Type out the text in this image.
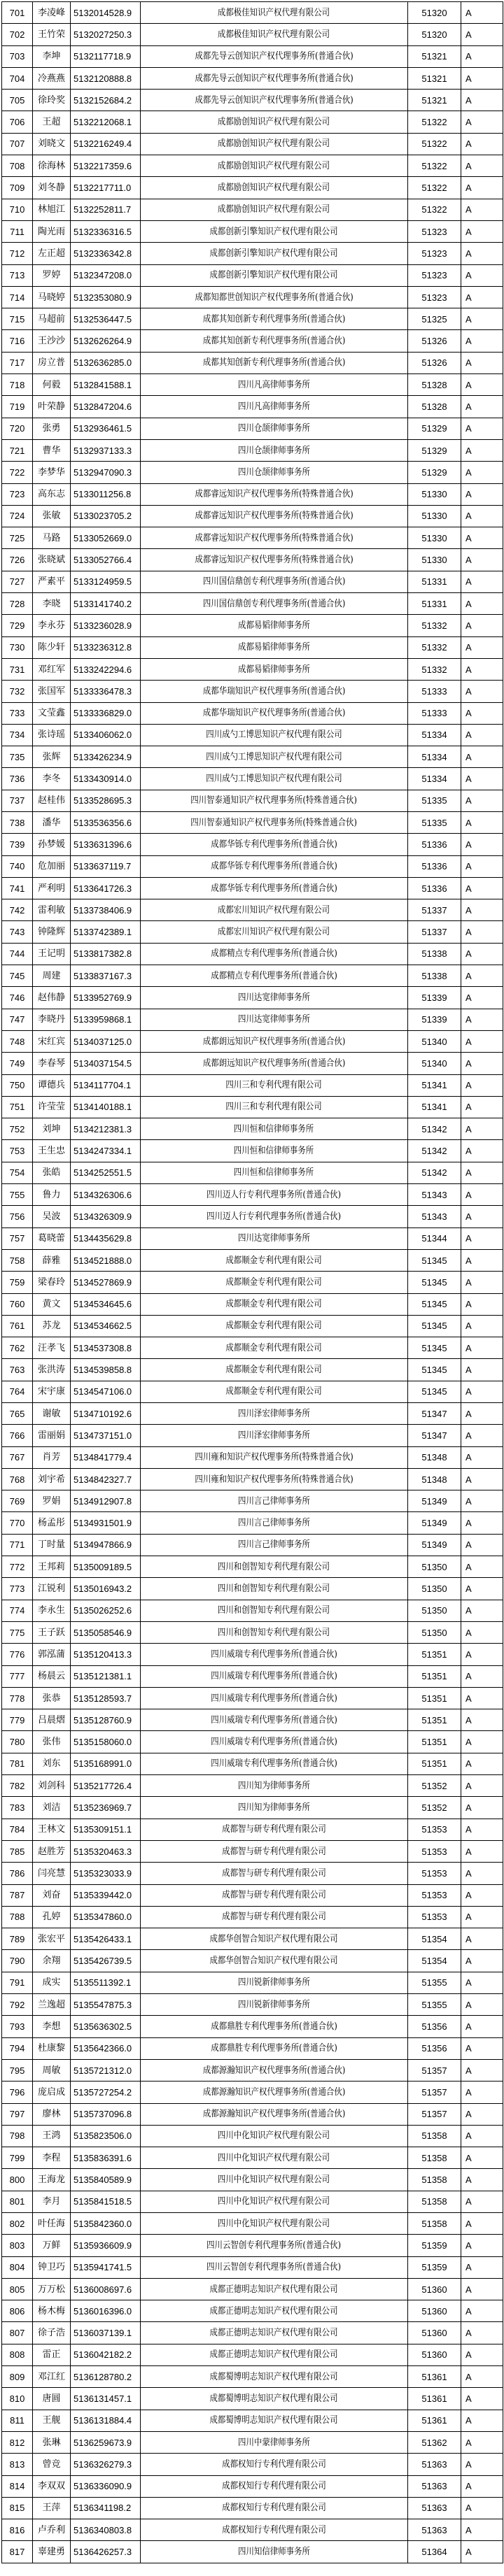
701	李凌峰	5132014528.9	成都极佳知识产权代理有限公司	51320	A
702	王竹荣	5132027250.3	成都极佳知识产权代理有限公司	51320	A
703	李坤	5132117718.9	成都先导云创知识产权代理事务所(普通合伙)	51321	A
704	冷燕燕	5132120888.8	成都先导云创知识产权代理事务所(普通合伙)	51321	A
705	徐玲奖	5132152684.2	成都先导云创知识产权代理事务所(普通合伙)	51321	A
706	王超	5132212068.1	成都励创知识产权代理有限公司	51322	A
707	刘晓文	5132216249.4	成都励创知识产权代理有限公司	51322	A
708	徐海林	5132217359.6	成都励创知识产权代理有限公司	51322	A
709	刘冬静	5132217711.0	成都励创知识产权代理有限公司	51322	A
710	林旭江	5132252811.7	成都励创知识产权代理有限公司	51322	A
711	陶光雨	5132336316.5	成都创新引擎知识产权代理有限公司	51323	A
712	左正超	5132336342.8	成都创新引擎知识产权代理有限公司	51323	A
713	罗婷	5132347208.0	成都创新引擎知识产权代理有限公司	51323	A
714	马晓婷	5132353080.9	成都知都世创知识产权代理事务所(普通合伙)	51323	A
715	马超前	5132536447.5	成都其知创新专利代理事务所(普通合伙)	51325	A
716	王沙沙	5132626264.9	成都其知创新专利代理事务所(普通合伙)	51326	A
717	房立普	5132636285.0	成都其知创新专利代理事务所(普通合伙)	51326	A
718	何毅	5132841588.1	四川凡高律师事务所	51328	A
719	叶荣静	5132847204.6	四川凡高律师事务所	51328	A
720	张勇	5132936461.5	四川仓颉律师事务所	51329	A
721	曹华	5132937133.3	四川仓颉律师事务所	51329	A
722	李梦华	5132947090.3	四川仓颉律师事务所	51329	A
723	高东志	5133011256.8	成都睿远知识产权代理事务所(特殊普通合伙)	51330	A
724	张敏	5133023705.2	成都睿远知识产权代理事务所(特殊普通合伙)	51330	A
725	马路	5133052669.0	成都睿远知识产权代理事务所(特殊普通合伙)	51330	A
726	张晓斌	5133052766.4	成都睿远知识产权代理事务所(特殊普通合伙)	51330	A
727	严素平	5133124959.5	四川国信鼎创专利代理事务所(普通合伙)	51331	A
728	李晓	5133141740.2	四川国信鼎创专利代理事务所(普通合伙)	51331	A
729	李永芬	5133236028.9	成都易韬律师事务所	51332	A
730	陈少轩	5133236312.8	成都易韬律师事务所	51332	A
731	邓红军	5133242294.6	成都易韬律师事务所	51332	A
732	张国军	5133336478.3	成都华瑞知识产权代理事务所(普通合伙)	51333	A
733	文莹鑫	5133336829.0	成都华瑞知识产权代理事务所(普通合伙)	51333	A
734	张诗瑶	5133406062.0	四川成勺工博思知识产权代理有限公司	51334	A
735	张辉	5133426234.9	四川成勺工博思知识产权代理有限公司	51334	A
736	李冬	5133430914.0	四川成勺工博思知识产权代理有限公司	51334	A
737	赵桂伟	5133528695.3	四川智泰通知识产权代理事务所(特殊普通合伙)	51335	A
738	潘华	5133536356.6	四川智泰通知识产权代理事务所(特殊普通合伙)	51335	A
739	孙梦媛	5133631396.6	成都华铄专利代理事务所(普通合伙)	51336	A
740	危加丽	5133637119.7	成都华铄专利代理事务所(普通合伙)	51336	A
741	严利明	5133641726.3	成都华铄专利代理事务所(普通合伙)	51336	A
742	雷利敏	5133738406.9	成都宏川知识产权代理有限公司	51337	A
743	钟隆辉	5133742389.1	成都宏川知识产权代理有限公司	51337	A
744	王记明	5133817382.8	成都精点专利代理事务所(普通合伙)	51338	A
745	周建	5133837167.3	成都精点专利代理事务所(普通合伙)	51338	A
746	赵伟静	5133952769.9	四川达宽律师事务所	51339	A
747	李晓丹	5133959868.1	四川达宽律师事务所	51339	A
748	宋红宾	5134037125.0	成都朗远知识产权代理事务所(普通合伙)	51340	A
749	李春琴	5134037154.5	成都朗远知识产权代理事务所(普通合伙)	51340	A
750	谭德兵	5134117704.1	四川三和专利代理有限公司	51341	A
751	许莹莹	5134140188.1	四川三和专利代理有限公司	51341	A
752	刘坤	5134212381.3	四川恒和信律师事务所	51342	A
753	王生忠	5134247334.1	四川恒和信律师事务所	51342	A
754	张皓	5134252551.5	四川恒和信律师事务所	51342	A
755	鲁力	5134326306.6	四川迈人行专利代理事务所(普通合伙)	51343	A
756	吴波	5134326309.9	四川迈人行专利代理事务所(普通合伙)	51343	A
757	葛晓蕾	5134435629.8	四川达宽律师事务所	51344	A
758	薛雅	5134521888.0	成都顺金专利代理有限公司	51345	A
759	梁春玲	5134527869.9	成都顺金专利代理有限公司	51345	A
760	黄文	5134534645.6	成都顺金专利代理有限公司	51345	A
761	苏龙	5134534662.5	成都顺金专利代理有限公司	51345	A
762	汪孝飞	5134537308.8	成都顺金专利代理有限公司	51345	A
763	张洪涛	5134539858.8	成都顺金专利代理有限公司	51345	A
764	宋宇康	5134547106.0	成都顺金专利代理有限公司	51345	A
765	谢敏	5134710192.6	四川泽宏律师事务所	51347	A
766	雷丽娟	5134737151.0	四川泽宏律师事务所	51347	A
767	肖芳	5134841779.4	四川雍和知识产权代理事务所(特殊普通合伙)	51348	A
768	刘宇希	5134842327.7	四川雍和知识产权代理事务所(特殊普通合伙)	51348	A
769	罗娟	5134912907.8	四川言己律师事务所	51349	A
770	杨孟彤	5134931501.9	四川言己律师事务所	51349	A
771	丁时量	5134947866.9	四川言己律师事务所	51349	A
772	王邦莉	5135009189.5	四川和创智知专利代理有限公司	51350	A
773	江锐利	5135016943.2	四川和创智知专利代理有限公司	51350	A
774	李永生	5135026252.6	四川和创智知专利代理有限公司	51350	A
775	王子跃	5135058546.9	四川和创智知专利代理有限公司	51350	A
776	郭泓蒲	5135120413.3	四川威瑞专利代理事务所(普通合伙)	51351	A
777	杨晨云	5135121381.1	四川威瑞专利代理事务所(普通合伙)	51351	A
778	张恭	5135128593.7	四川威瑞专利代理事务所(普通合伙)	51351	A
779	吕晨熠	5135128760.9	四川威瑞专利代理事务所(普通合伙)	51351	A
780	张伟	5135158060.0	四川威瑞专利代理事务所(普通合伙)	51351	A
781	刘东	5135168991.0	四川威瑞专利代理事务所(普通合伙)	51351	A
782	刘剑科	5135217726.4	四川知为律师事务所	51352	A
783	刘洁	5135236969.7	四川知为律师事务所	51352	A
784	王林文	5135309151.1	成都智与研专利代理有限公司	51353	A
785	赵胜芳	5135320463.3	成都智与研专利代理有限公司	51353	A
786	闫亮慧	5135323033.9	成都智与研专利代理有限公司	51353	A
787	刘奋	5135339442.0	成都智与研专利代理有限公司	51353	A
788	孔婷	5135347860.0	成都智与研专利代理有限公司	51353	A
789	张宏平	5135426433.1	成都华创智合知识产权代理有限公司	51354	A
790	余翔	5135426739.5	成都华创智合知识产权代理有限公司	51354	A
791	成实	5135511392.1	四川锐新律师事务所	51355	A
792	兰逸超	5135547875.3	四川锐新律师事务所	51355	A
793	李想	5135636302.5	成都鼎胜专利代理事务所(普通合伙)	51356	A
794	杜康黎	5135642366.0	成都鼎胜专利代理事务所(普通合伙)	51356	A
795	周敏	5135721312.0	成都源瀚知识产权代理事务所(普通合伙)	51357	A
796	庞启成	5135727254.2	成都源瀚知识产权代理事务所(普通合伙)	51357	A
797	廖林	5135737096.8	成都源瀚知识产权代理事务所(普通合伙)	51357	A
798	王鸿	5135823506.0	四川中化知识产权代理有限公司	51358	A
799	李程	5135836391.6	四川中化知识产权代理有限公司	51358	A
800	王海龙	5135840589.9	四川中化知识产权代理有限公司	51358	A
801	李月	5135841518.5	四川中化知识产权代理有限公司	51358	A
802	叶任海	5135842360.0	四川中化知识产权代理有限公司	51358	A
803	万鲜	5135936609.9	四川云智创专利代理事务所(普通合伙)	51359	A
804	钟卫巧	5135941741.5	四川云智创专利代理事务所(普通合伙)	51359	A
805	万万松	5136008697.6	成都正德明志知识产权代理有限公司	51360	A
806	杨木梅	5136016396.0	成都正德明志知识产权代理有限公司	51360	A
807	徐子浩	5136037139.1	成都正德明志知识产权代理有限公司	51360	A
808	雷正	5136042182.2	成都正德明志知识产权代理有限公司	51360	A
809	邓江红	5136128780.2	成都蜀博明志知识产权代理有限公司	51361	A
810	唐圆	5136131457.1	成都蜀博明志知识产权代理有限公司	51361	A
811	王舰	5136131884.4	成都蜀博明志知识产权代理有限公司	51361	A
812	张琳	5136259673.9	四川中蒙律师事务所	51362	A
813	曾竞	5136326279.3	成都权知行专利代理有限公司	51363	A
814	李双双	5136336090.9	成都权知行专利代理有限公司	51363	A
815	王萍	5136341198.2	成都权知行专利代理有限公司	51363	A
816	卢乔利	5136340803.8	成都权知行专利代理有限公司	51363	A
817	辜建勇	5136426257.3	四川知信律师事务所	51364	A
